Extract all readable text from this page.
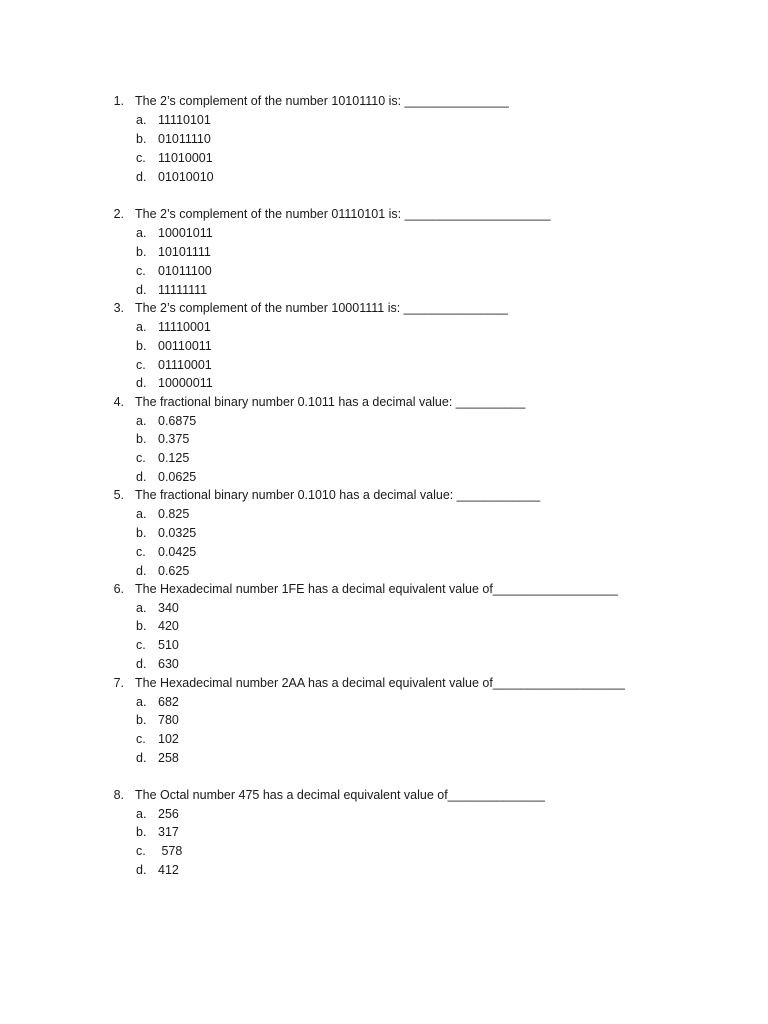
1. The 2’s complement of the number 10101110 is: _______________
a. 11110101
b. 01011110
c. 11010001
d. 01010010
2. The 2’s complement of the number 01110101 is: _____________________
a. 10001011
b. 10101111
c. 01011100
d. 11111111
3. The 2’s complement of the number 10001111 is: _______________
a. 11110001
b. 00110011
c. 01110001
d. 10000011
4. The fractional binary number 0.1011 has a decimal value: __________
a. 0.6875
b. 0.375
c. 0.125
d. 0.0625
5. The fractional binary number 0.1010 has a decimal value: ____________
a. 0.825
b. 0.0325
c. 0.0425
d. 0.625
6. The Hexadecimal number 1FE has a decimal equivalent value of__________________
a. 340
b. 420
c. 510
d. 630
7. The Hexadecimal number 2AA has a decimal equivalent value of___________________
a. 682
b. 780
c. 102
d. 258
8. The Octal number 475 has a decimal equivalent value of______________
a. 256
b. 317
c. 578
d. 412
